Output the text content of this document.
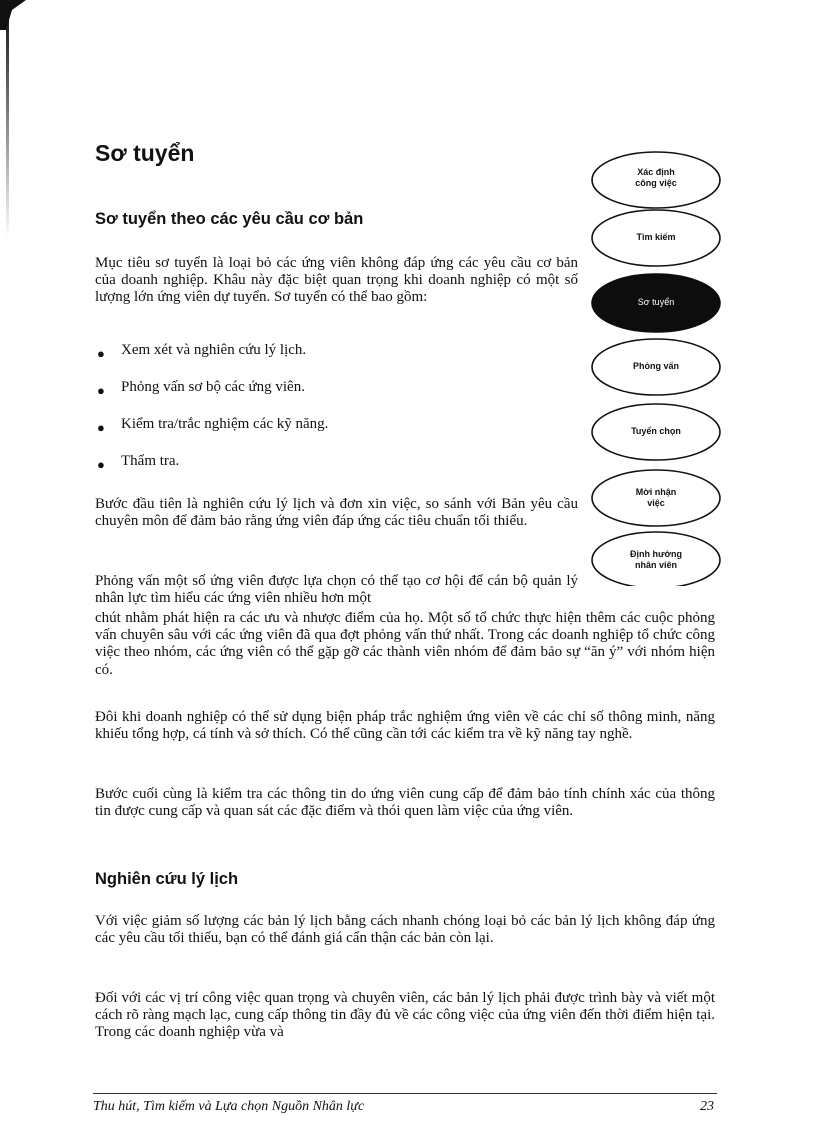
Sơ tuyển
Sơ tuyển theo các yêu cầu cơ bản

Mục tiêu sơ tuyển là loại bỏ các ứng viên không đáp ứng các yêu cầu cơ bản của doanh nghiệp. Khâu này đặc biệt quan trọng khi doanh nghiệp có một số lượng lớn ứng viên dự tuyển. Sơ tuyển có thể bao gồm:

● Xem xét và nghiên cứu lý lịch.
● Phỏng vấn sơ bộ các ứng viên.
● Kiểm tra/trắc nghiệm các kỹ năng.
● Thẩm tra.

Bước đầu tiên là nghiên cứu lý lịch và đơn xin việc, so sánh với Bản yêu cầu chuyên môn để đảm bảo rằng ứng viên đáp ứng các tiêu chuẩn tối thiểu.

Phỏng vấn một số ứng viên được lựa chọn có thể tạo cơ hội để cán bộ quản lý nhân lực tìm hiểu các ứng viên nhiều hơn một

chút nhằm phát hiện ra các ưu và nhược điểm của họ. Một số tổ chức thực hiện thêm các cuộc phỏng vấn chuyên sâu với các ứng viên đã qua đợt phỏng vấn thứ nhất. Trong các doanh nghiệp tổ chức công việc theo nhóm, các ứng viên có thể gặp gỡ các thành viên nhóm để đảm bảo sự “ăn ý” với nhóm hiện có.

Đôi khi doanh nghiệp có thể sử dụng biện pháp trắc nghiệm ứng viên về các chỉ số thông minh, năng khiếu tổng hợp, cá tính và sở thích. Có thể cũng cần tới các kiểm tra về kỹ năng tay nghề.

Bước cuối cùng là kiểm tra các thông tin do ứng viên cung cấp để đảm bảo tính chính xác của thông tin được cung cấp và quan sát các đặc điểm và thói quen làm việc của ứng viên.

Nghiên cứu lý lịch

Với việc giảm số lượng các bản lý lịch bằng cách nhanh chóng loại bỏ các bản lý lịch không đáp ứng các yêu cầu tối thiểu, bạn có thể đánh giá cẩn thận các bản còn lại.

Đối với các vị trí công việc quan trọng và chuyên viên, các bản lý lịch phải được trình bày và viết một cách rõ ràng mạch lạc, cung cấp thông tin đầy đủ về các công việc của ứng viên đến thời điểm hiện tại. Trong các doanh nghiệp vừa và

Xác định
công việc
Tìm kiếm
Sơ tuyển
Phỏng vấn
Tuyển chọn
Mời nhận
việc
Định hướng
nhân viên
Thu hút, Tìm kiếm và Lựa chọn Nguồn Nhân lực	23
